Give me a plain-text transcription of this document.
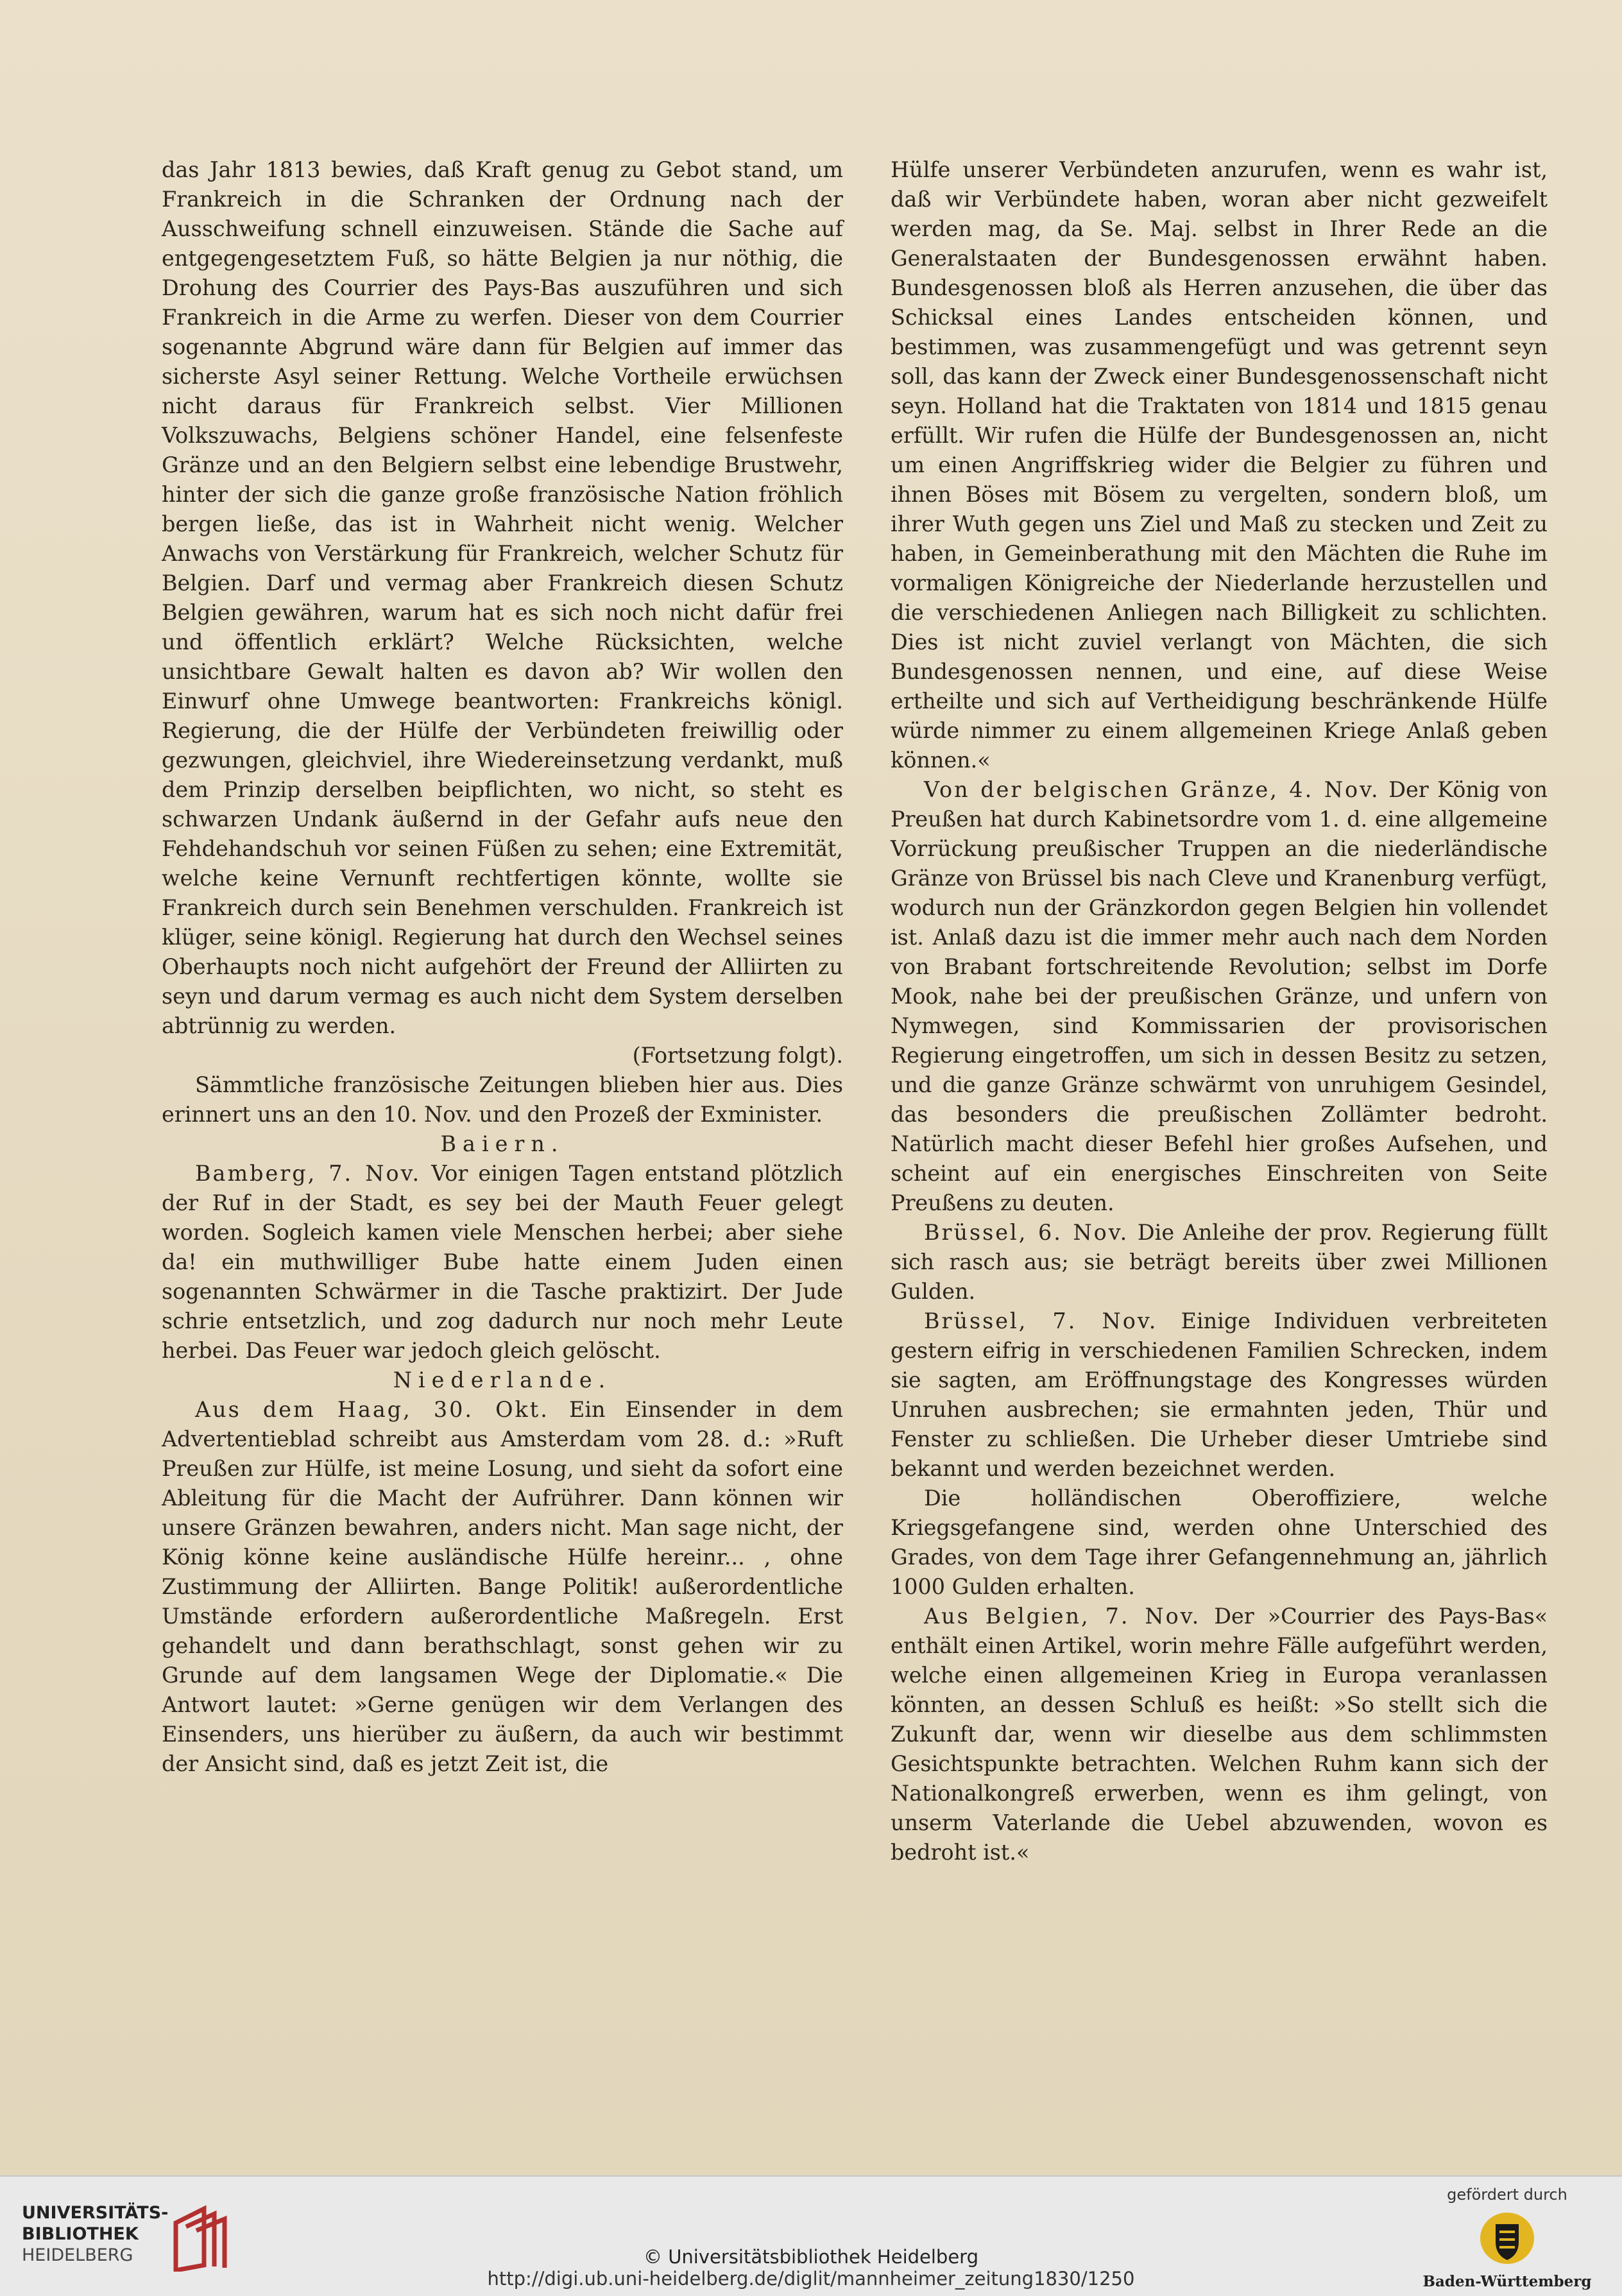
das Jahr 1813 bewies, daß Kraft genug zu Gebot stand, um Frankreich in die Schranken der Ordnung nach der Ausschweifung schnell einzuweisen. Stände die Sache auf entgegengesetztem Fuß, so hätte Belgien ja nur nöthig, die Drohung des Courrier des Pays-Bas auszuführen und sich Frankreich in die Arme zu werfen. Dieser von dem Courrier sogenannte Abgrund wäre dann für Belgien auf immer das sicherste Asyl seiner Rettung. Welche Vortheile erwüchsen nicht daraus für Frankreich selbst. Vier Millionen Volkszuwachs, Belgiens schöner Handel, eine felsenfeste Gränze und an den Belgiern selbst eine lebendige Brustwehr, hinter der sich die ganze große französische Nation fröhlich bergen ließe, das ist in Wahrheit nicht wenig. Welcher Anwachs von Verstärkung für Frankreich, welcher Schutz für Belgien. Darf und vermag aber Frankreich diesen Schutz Belgien gewähren, warum hat es sich noch nicht dafür frei und öffentlich erklärt? Welche Rücksichten, welche unsichtbare Gewalt halten es davon ab? Wir wollen den Einwurf ohne Umwege beantworten: Frankreichs königl. Regierung, die der Hülfe der Verbündeten freiwillig oder gezwungen, gleichviel, ihre Wiedereinsetzung verdankt, muß dem Prinzip derselben beipflichten, wo nicht, so steht es schwarzen Undank äußernd in der Gefahr aufs neue den Fehdehandschuh vor seinen Füßen zu sehen; eine Extremität, welche keine Vernunft rechtfertigen könnte, wollte sie Frankreich durch sein Benehmen verschulden. Frankreich ist klüger, seine königl. Regierung hat durch den Wechsel seines Oberhaupts noch nicht aufgehört der Freund der Alliirten zu seyn und darum vermag es auch nicht dem System derselben abtrünnig zu werden.

(Fortsetzung folgt).

Sämmtliche französische Zeitungen blieben hier aus. Dies erinnert uns an den 10. Nov. und den Prozeß der Exminister.

Baiern.

Bamberg, 7. Nov. Vor einigen Tagen entstand plötzlich der Ruf in der Stadt, es sey bei der Mauth Feuer gelegt worden. Sogleich kamen viele Menschen herbei; aber siehe da! ein muthwilliger Bube hatte einem Juden einen sogenannten Schwärmer in die Tasche praktizirt. Der Jude schrie entsetzlich, und zog dadurch nur noch mehr Leute herbei. Das Feuer war jedoch gleich gelöscht.

Niederlande.

Aus dem Haag, 30. Okt. Ein Einsender in dem Advertentieblad schreibt aus Amsterdam vom 28. d.: »Ruft Preußen zur Hülfe, ist meine Losung, und sieht da sofort eine Ableitung für die Macht der Aufrührer. Dann können wir unsere Gränzen bewahren, anders nicht. Man sage nicht, der König könne keine ausländische Hülfe hereinr... , ohne Zustimmung der Alliirten. Bange Politik! außerordentliche Umstände erfordern außerordentliche Maßregeln. Erst gehandelt und dann berathschlagt, sonst gehen wir zu Grunde auf dem langsamen Wege der Diplomatie.« Die Antwort lautet: »Gerne genügen wir dem Verlangen des Einsenders, uns hierüber zu äußern, da auch wir bestimmt der Ansicht sind, daß es jetzt Zeit ist, die

Hülfe unserer Verbündeten anzurufen, wenn es wahr ist, daß wir Verbündete haben, woran aber nicht gezweifelt werden mag, da Se. Maj. selbst in Ihrer Rede an die Generalstaaten der Bundesgenossen erwähnt haben. Bundesgenossen bloß als Herren anzusehen, die über das Schicksal eines Landes entscheiden können, und bestimmen, was zusammengefügt und was getrennt seyn soll, das kann der Zweck einer Bundesgenossenschaft nicht seyn. Holland hat die Traktaten von 1814 und 1815 genau erfüllt. Wir rufen die Hülfe der Bundesgenossen an, nicht um einen Angriffskrieg wider die Belgier zu führen und ihnen Böses mit Bösem zu vergelten, sondern bloß, um ihrer Wuth gegen uns Ziel und Maß zu stecken und Zeit zu haben, in Gemeinberathung mit den Mächten die Ruhe im vormaligen Königreiche der Niederlande herzustellen und die verschiedenen Anliegen nach Billigkeit zu schlichten. Dies ist nicht zuviel verlangt von Mächten, die sich Bundesgenossen nennen, und eine, auf diese Weise ertheilte und sich auf Vertheidigung beschränkende Hülfe würde nimmer zu einem allgemeinen Kriege Anlaß geben können.«

Von der belgischen Gränze, 4. Nov. Der König von Preußen hat durch Kabinetsordre vom 1. d. eine allgemeine Vorrückung preußischer Truppen an die niederländische Gränze von Brüssel bis nach Cleve und Kranenburg verfügt, wodurch nun der Gränzkordon gegen Belgien hin vollendet ist. Anlaß dazu ist die immer mehr auch nach dem Norden von Brabant fortschreitende Revolution; selbst im Dorfe Mook, nahe bei der preußischen Gränze, und unfern von Nymwegen, sind Kommissarien der provisorischen Regierung eingetroffen, um sich in dessen Besitz zu setzen, und die ganze Gränze schwärmt von unruhigem Gesindel, das besonders die preußischen Zollämter bedroht. Natürlich macht dieser Befehl hier großes Aufsehen, und scheint auf ein energisches Einschreiten von Seite Preußens zu deuten.

Brüssel, 6. Nov. Die Anleihe der prov. Regierung füllt sich rasch aus; sie beträgt bereits über zwei Millionen Gulden.

Brüssel, 7. Nov. Einige Individuen verbreiteten gestern eifrig in verschiedenen Familien Schrecken, indem sie sagten, am Eröffnungstage des Kongresses würden Unruhen ausbrechen; sie ermahnten jeden, Thür und Fenster zu schließen. Die Urheber dieser Umtriebe sind bekannt und werden bezeichnet werden.

Die holländischen Oberoffiziere, welche Kriegsgefangene sind, werden ohne Unterschied des Grades, von dem Tage ihrer Gefangennehmung an, jährlich 1000 Gulden erhalten.

Aus Belgien, 7. Nov. Der »Courrier des Pays-Bas« enthält einen Artikel, worin mehre Fälle aufgeführt werden, welche einen allgemeinen Krieg in Europa veranlassen könnten, an dessen Schluß es heißt: »So stellt sich die Zukunft dar, wenn wir dieselbe aus dem schlimmsten Gesichtspunkte betrachten. Welchen Ruhm kann sich der Nationalkongreß erwerben, wenn es ihm gelingt, von unserm Vaterlande die Uebel abzuwenden, wovon es bedroht ist.«

UNIVERSITÄTS-
BIBLIOTHEK
HEIDELBERG	© Universitätsbibliothek Heidelberg
http://digi.ub.uni-heidelberg.de/diglit/mannheimer_zeitung1830/1250
gefördert durch
Baden-Württemberg
